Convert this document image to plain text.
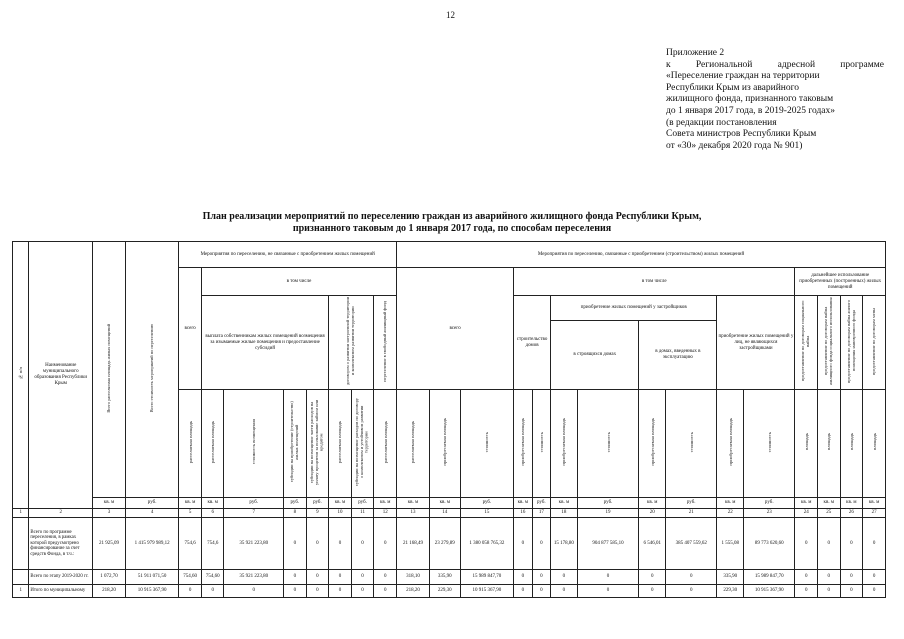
12
Приложение 2
к	Региональной	адресной	программе
«Переселение граждан на территории
Республики Крым из аварийного
жилищного фонда, признанного таковым
до 1 января 2017 года, в 2019-2025 годах»
(в редакции постановления
Совета министров Республики Крым
от «30» декабря 2020 года № 901)
План реализации мероприятий по переселению граждан из аварийного жилищного фонда Республики Крым,
признанного таковым до 1 января 2017 года, по способам переселения
№ п/п	Наименование муниципального образования Республики Крым	Всего расселяемая площадь жилых помещений	Всего стоимость мероприятий по переселению	Мероприятия по переселению, не связанные с приобретением жилых помещений								Мероприятия по переселению, связанные с приобретением (строительством) жилых помещений														
				всего	в том числе							всего			в том числе								дальнейшее использование приобретенных (построенных) жилых помещений			
					выплата собственникам жилых помещений возмещения за изымаемые жилые помещения и предоставление субсидий				договором о развитии застроенной территории и комплексном развитии территории		переселение в свободный жилищный фонд				строительство домов		приобретение жилых помещений у застройщиков				приобретение жилых помещений у лиц, не являющихся застройщиками		предоставление по договорам социального найма	предоставление по договорам найма жилищного фонда социального использования	предоставление по договорам найма жилого помещения маневренного фонда	предоставление по договорам мены
																	в строящихся домах		в домах, введенных в эксплуатацию							
				расселяемая площадь	расселяемая площадь	стоимость возмещения	субсидии на приобретение (строительство) жилых помещений	субсидии на возмещение части расходов на уплату процентов за пользование займом или кредитом	расселяемая площадь	субсидии на возмещение расходов по договору о комплексном и устойчивом развитии территории	расселяемая площадь	расселяемая площадь	приобретаемая площадь	стоимость	приобретаемая площадь	стоимость	приобретаемая площадь	стоимость	приобретаемая площадь	стоимость	приобретаемая площадь	стоимость	площадь	площадь	площадь	площадь
		кв. м	руб.	кв. м	кв. м	руб.	руб.	руб.	кв. м	руб.	кв. м	кв. м	кв. м	руб.	кв. м	руб.	кв. м	руб.	кв. м	руб.	кв. м	руб.	кв. м	кв. м	кв. м	кв. м
1	2	3	4	5	6	7	8	9	10	11	12	13	14	15	16	17	18	19	20	21	22	23	24	25	26	27
	Всего по программе переселения, в рамках которой предусмотрено финансирование за счет средств Фонда, в т.ч.:	21 925,09	1 415 979 989,12	754,6	754,6	35 921 223,80	0	0	0	0	0	21 168,49	23 279,89	1 380 058 765,32	0	0	15 178,80	904 877 585,10	6 546,01	385 407 559,62	1 555,08	89 773 620,60	0	0	0	0
	Всего по этапу 2019-2020 гг.	1 072,70	51 911 071,50	754,60	754,60	35 921 223,80	0	0	0	0	0	318,10	335,90	15 989 847,70	0	0	0	0	0	0	335,90	15 989 847,70	0	0	0	0
1	Итого по муниципальному	218,20	10 915 367,90	0	0	0	0	0	0	0	0	218,20	229,30	10 915 367,90	0	0	0	0	0	0	229,30	10 915 367,90	0	0	0	0
